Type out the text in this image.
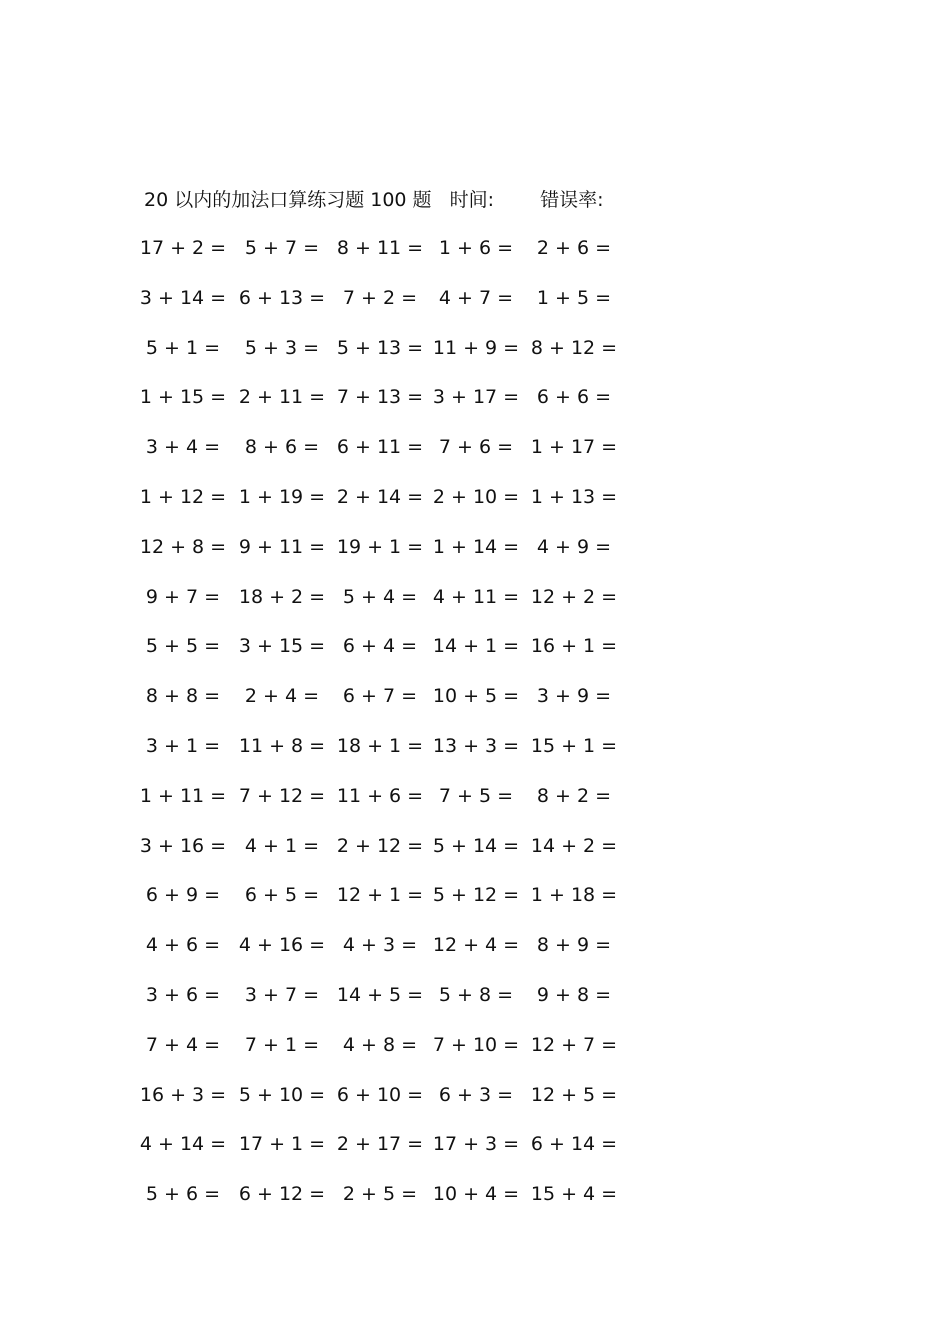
20 以内的加法口算练习题 100 题 时间: 错误率:
17 + 2 = 5 + 7 = 8 + 11 = 1 + 6 =	2 + 6 =
3 + 14 = 6 + 13 = 7 + 2 =	4 + 7 =	1 + 5 =
5 + 1 =	5 + 3 = 5 + 13 = 11 + 9 = 8 + 12 =
1 + 15 = 2 + 11 = 7 + 13 = 3 + 17 = 6 + 6 =
3 + 4 =	8 + 6 = 6 + 11 = 7 + 6 = 1 + 17 =
1 + 12 = 1 + 19 = 2 + 14 = 2 + 10 = 1 + 13 =
12 + 8 = 9 + 11 = 19 + 1 = 1 + 14 = 4 + 9 =
9 + 7 = 18 + 2 = 5 + 4 = 4 + 11 = 12 + 2 =
5 + 5 = 3 + 15 = 6 + 4 = 14 + 1 = 16 + 1 =
8 + 8 =	2 + 4 =	6 + 7 = 10 + 5 = 3 + 9 =
3 + 1 = 11 + 8 = 18 + 1 = 13 + 3 = 15 + 1 =
1 + 11 = 7 + 12 = 11 + 6 = 7 + 5 =	8 + 2 =
3 + 16 = 4 + 1 = 2 + 12 = 5 + 14 = 14 + 2 =
6 + 9 =	6 + 5 = 12 + 1 = 5 + 12 = 1 + 18 =
4 + 6 = 4 + 16 = 4 + 3 = 12 + 4 = 8 + 9 =
3 + 6 =	3 + 7 = 14 + 5 = 5 + 8 =	9 + 8 =
7 + 4 =	7 + 1 =	4 + 8 = 7 + 10 = 12 + 7 =
16 + 3 = 5 + 10 = 6 + 10 = 6 + 3 = 12 + 5 =
4 + 14 = 17 + 1 = 2 + 17 = 17 + 3 = 6 + 14 =
5 + 6 = 6 + 12 = 2 + 5 = 10 + 4 = 15 + 4 =
